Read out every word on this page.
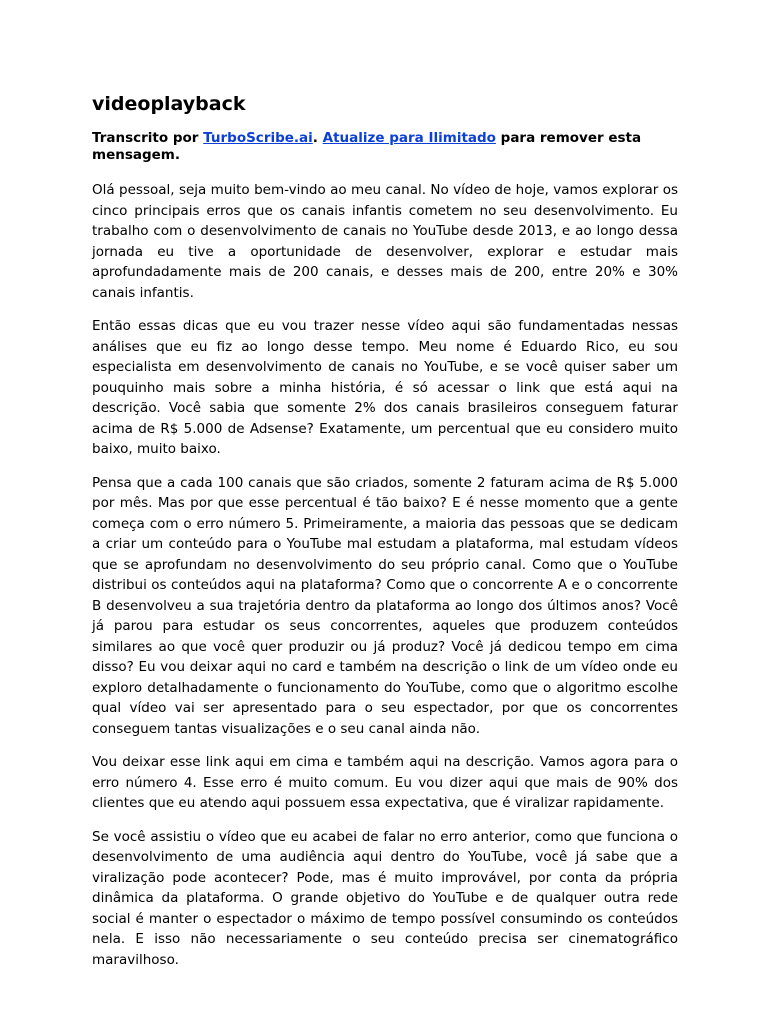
videoplayback

Transcrito por TurboScribe.ai. Atualize para Ilimitado para remover esta mensagem.

Olá pessoal, seja muito bem-vindo ao meu canal. No vídeo de hoje, vamos explorar os cinco principais erros que os canais infantis cometem no seu desenvolvimento. Eu trabalho com o desenvolvimento de canais no YouTube desde 2013, e ao longo dessa jornada eu tive a oportunidade de desenvolver, explorar e estudar mais aprofundadamente mais de 200 canais, e desses mais de 200, entre 20% e 30% canais infantis.

Então essas dicas que eu vou trazer nesse vídeo aqui são fundamentadas nessas análises que eu fiz ao longo desse tempo. Meu nome é Eduardo Rico, eu sou especialista em desenvolvimento de canais no YouTube, e se você quiser saber um pouquinho mais sobre a minha história, é só acessar o link que está aqui na descrição. Você sabia que somente 2% dos canais brasileiros conseguem faturar acima de R$ 5.000 de Adsense? Exatamente, um percentual que eu considero muito baixo, muito baixo.

Pensa que a cada 100 canais que são criados, somente 2 faturam acima de R$ 5.000 por mês. Mas por que esse percentual é tão baixo? E é nesse momento que a gente começa com o erro número 5. Primeiramente, a maioria das pessoas que se dedicam a criar um conteúdo para o YouTube mal estudam a plataforma, mal estudam vídeos que se aprofundam no desenvolvimento do seu próprio canal. Como que o YouTube distribui os conteúdos aqui na plataforma? Como que o concorrente A e o concorrente B desenvolveu a sua trajetória dentro da plataforma ao longo dos últimos anos? Você já parou para estudar os seus concorrentes, aqueles que produzem conteúdos similares ao que você quer produzir ou já produz? Você já dedicou tempo em cima disso? Eu vou deixar aqui no card e também na descrição o link de um vídeo onde eu exploro detalhadamente o funcionamento do YouTube, como que o algoritmo escolhe qual vídeo vai ser apresentado para o seu espectador, por que os concorrentes conseguem tantas visualizações e o seu canal ainda não.

Vou deixar esse link aqui em cima e também aqui na descrição. Vamos agora para o erro número 4. Esse erro é muito comum. Eu vou dizer aqui que mais de 90% dos clientes que eu atendo aqui possuem essa expectativa, que é viralizar rapidamente.

Se você assistiu o vídeo que eu acabei de falar no erro anterior, como que funciona o desenvolvimento de uma audiência aqui dentro do YouTube, você já sabe que a viralização pode acontecer? Pode, mas é muito improvável, por conta da própria dinâmica da plataforma. O grande objetivo do YouTube e de qualquer outra rede social é manter o espectador o máximo de tempo possível consumindo os conteúdos nela. E isso não necessariamente o seu conteúdo precisa ser cinematográfico maravilhoso.
